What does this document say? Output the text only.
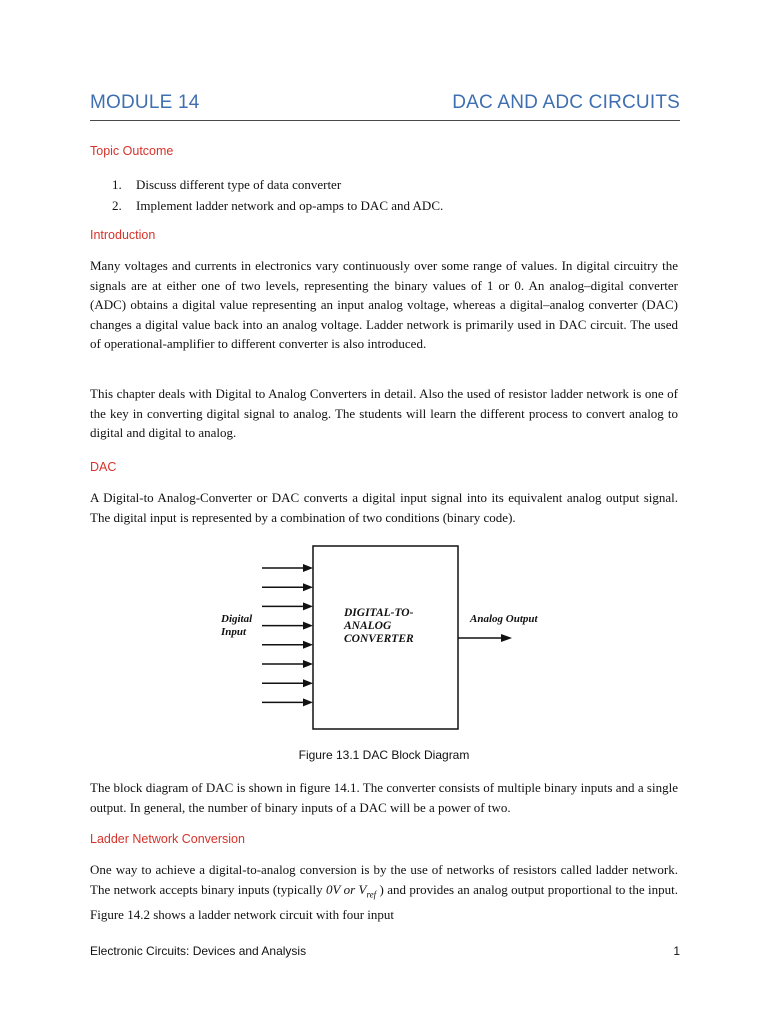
MODULE 14	DAC AND ADC CIRCUITS
Topic Outcome
1. Discuss different type of data converter
2. Implement ladder network and op-amps to DAC and ADC.
Introduction

Many voltages and currents in electronics vary continuously over some range of values. In digital circuitry the signals are at either one of two levels, representing the binary values of 1 or 0. An analog–digital converter (ADC) obtains a digital value representing an input analog voltage, whereas a digital–analog converter (DAC) changes a digital value back into an analog voltage. Ladder network is primarily used in DAC circuit. The used of operational-amplifier to different converter is also introduced.

This chapter deals with Digital to Analog Converters in detail. Also the used of resistor ladder network is one of the key in converting digital signal to analog. The students will learn the different process to convert analog to digital and digital to analog.

DAC

A Digital-to Analog-Converter or DAC converts a digital input signal into its equivalent analog output signal. The digital input is represented by a combination of two conditions (binary code).

Digital
Input
DIGITAL-TO-
ANALOG
CONVERTER
Analog Output
Figure 13.1 DAC Block Diagram

The block diagram of DAC is shown in figure 14.1. The converter consists of multiple binary inputs and a single output. In general, the number of binary inputs of a DAC will be a power of two.

Ladder Network Conversion

One way to achieve a digital-to-analog conversion is by the use of networks of resistors called ladder network. The network accepts binary inputs (typically 0V or $V_{ref}$ ) and provides an analog output proportional to the input. Figure 14.2 shows a ladder network circuit with four input

Electronic Circuits: Devices and Analysis	1
